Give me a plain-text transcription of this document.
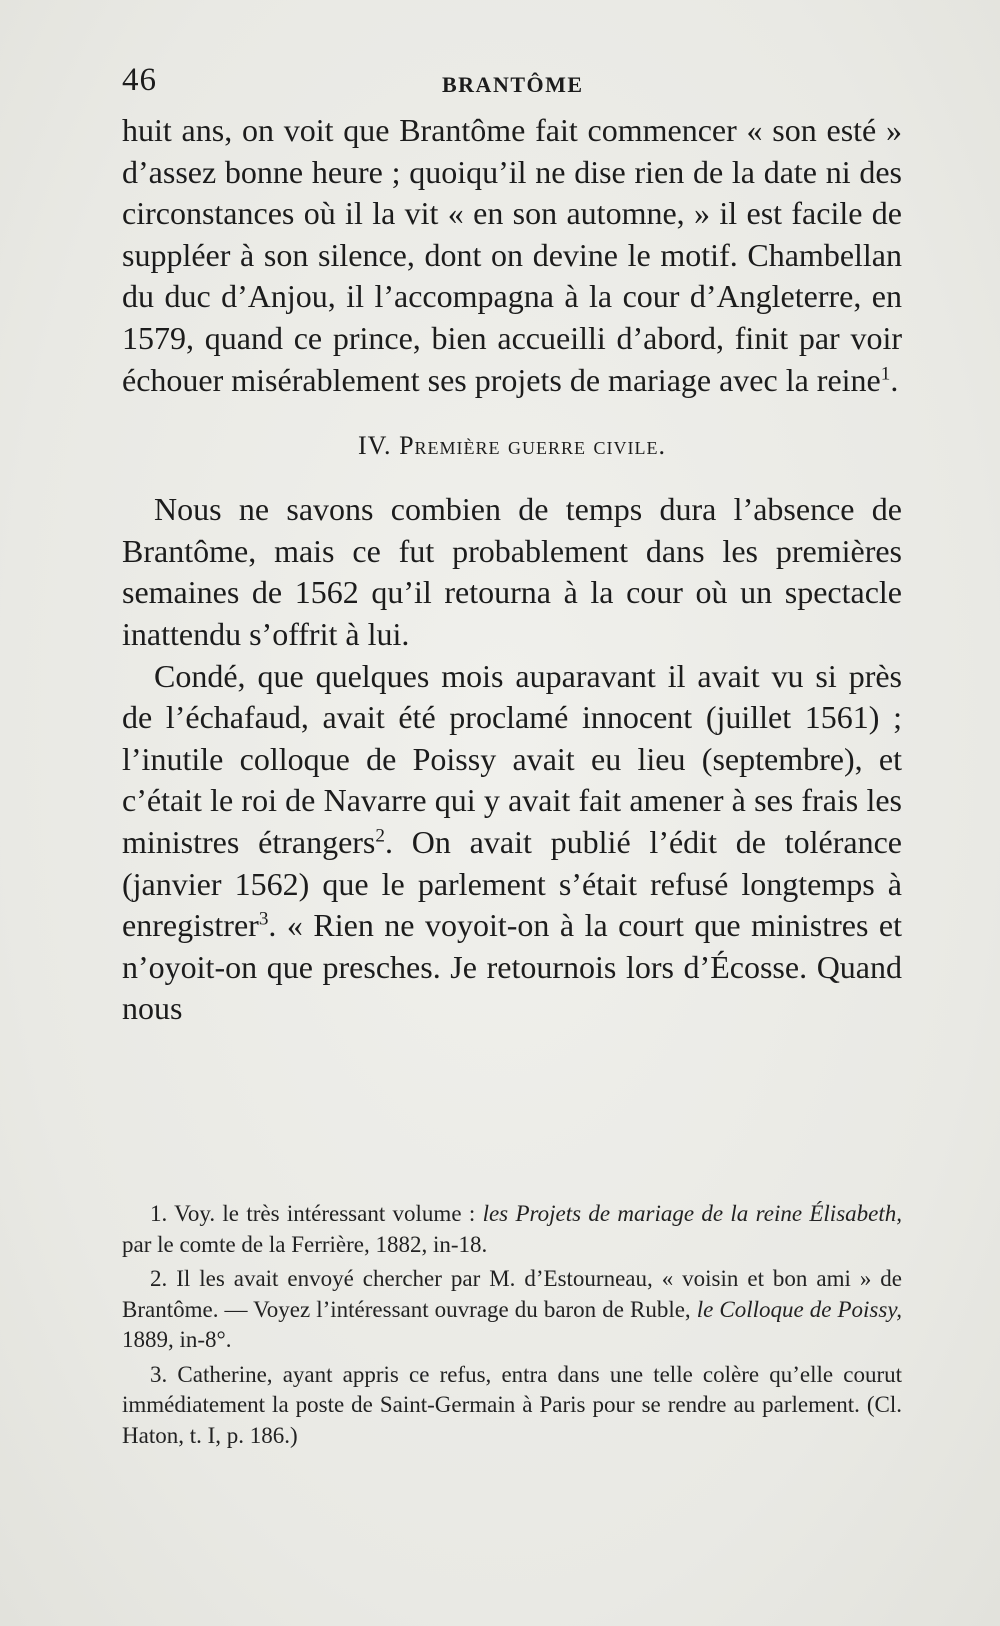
46	BRANTÔME

huit ans, on voit que Brantôme fait commencer « son esté » d’assez bonne heure ; quoiqu’il ne dise rien de la date ni des circonstances où il la vit « en son automne, » il est facile de suppléer à son silence, dont on devine le motif. Chambellan du duc d’Anjou, il l’accompagna à la cour d’Angleterre, en 1579, quand ce prince, bien accueilli d’abord, finit par voir échouer misérablement ses projets de mariage avec la reine$^1$.

IV. Première guerre civile.

Nous ne savons combien de temps dura l’absence de Brantôme, mais ce fut probablement dans les premières semaines de 1562 qu’il retourna à la cour où un spectacle inattendu s’offrit à lui.

Condé, que quelques mois auparavant il avait vu si près de l’échafaud, avait été proclamé innocent (juillet 1561) ; l’inutile colloque de Poissy avait eu lieu (septembre), et c’était le roi de Navarre qui y avait fait amener à ses frais les ministres étrangers$^2$. On avait publié l’édit de tolérance (janvier 1562) que le parlement s’était refusé longtemps à enregistrer$^3$. « Rien ne voyoit-on à la court que ministres et n’oyoit-on que presches. Je retournois lors d’Écosse. Quand nous

1. Voy. le très intéressant volume : les Projets de mariage de la reine Élisabeth, par le comte de la Ferrière, 1882, in-18.

2. Il les avait envoyé chercher par M. d’Estourneau, « voisin et bon ami » de Brantôme. — Voyez l’intéressant ouvrage du baron de Ruble, le Colloque de Poissy, 1889, in-8°.

3. Catherine, ayant appris ce refus, entra dans une telle colère qu’elle courut immédiatement la poste de Saint-Germain à Paris pour se rendre au parlement. (Cl. Haton, t. I, p. 186.)
